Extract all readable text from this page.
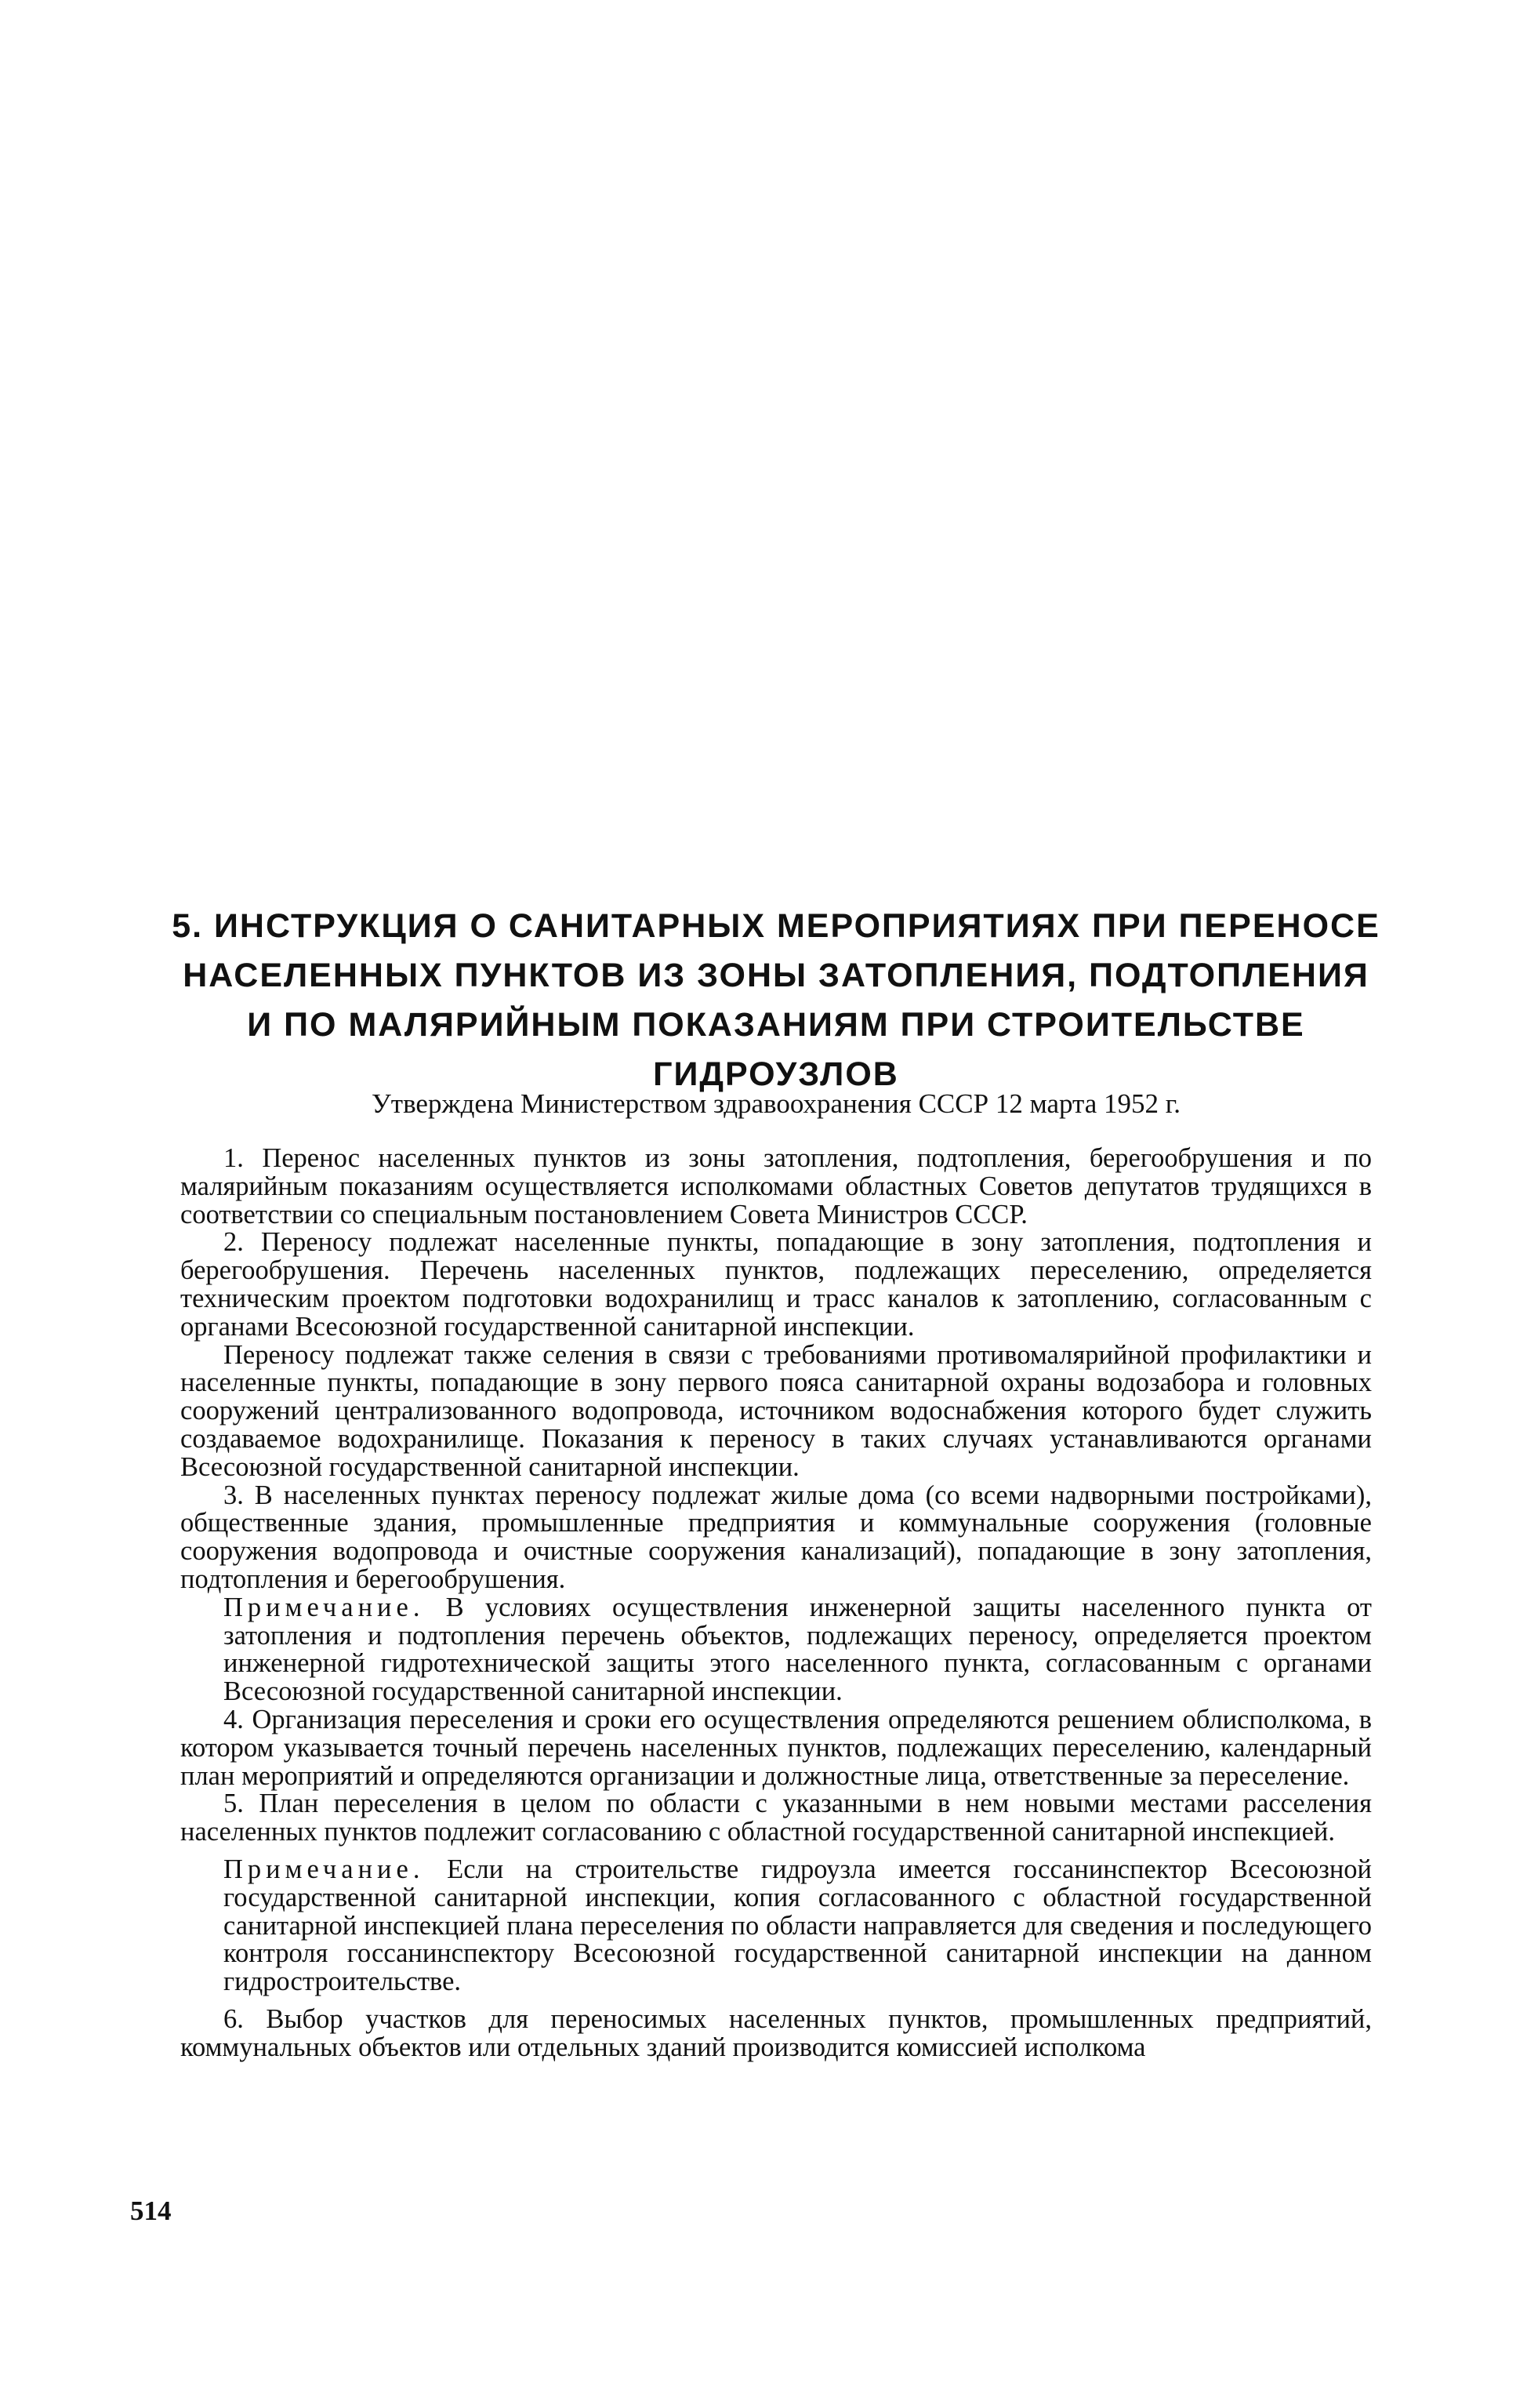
5. ИНСТРУКЦИЯ О САНИТАРНЫХ МЕРОПРИЯТИЯХ ПРИ ПЕРЕНОСЕ
НАСЕЛЕННЫХ ПУНКТОВ ИЗ ЗОНЫ ЗАТОПЛЕНИЯ, ПОДТОПЛЕНИЯ
И ПО МАЛЯРИЙНЫМ ПОКАЗАНИЯМ ПРИ СТРОИТЕЛЬСТВЕ
ГИДРОУЗЛОВ

Утверждена Министерством здравоохранения СССР 12 марта 1952 г.

1. Перенос населенных пунктов из зоны затопления, подтопления, берегообрушения и по малярийным показаниям осуществляется исполкомами областных Советов депутатов трудящихся в соответствии со специальным постановлением Совета Министров СССР.

2. Переносу подлежат населенные пункты, попадающие в зону затопления, подтопления и берегообрушения. Перечень населенных пунктов, подлежащих переселению, определяется техническим проектом подготовки водохранилищ и трасс каналов к затоплению, согласованным с органами Всесоюзной государственной санитарной инспекции.

Переносу подлежат также селения в связи с требованиями противомалярийной профилактики и населенные пункты, попадающие в зону первого пояса санитарной охраны водозабора и головных сооружений централизованного водопровода, источником водоснабжения которого будет служить создаваемое водохранилище. Показания к переносу в таких случаях устанавливаются органами Всесоюзной государственной санитарной инспекции.

3. В населенных пунктах переносу подлежат жилые дома (со всеми надворными постройками), общественные здания, промышленные предприятия и коммунальные сооружения (головные сооружения водопровода и очистные сооружения канализаций), попадающие в зону затопления, подтопления и берегообрушения.

Примечание. В условиях осуществления инженерной защиты населенного пункта от затопления и подтопления перечень объектов, подлежащих переносу, определяется проектом инженерной гидротехнической защиты этого населенного пункта, согласованным с органами Всесоюзной государственной санитарной инспекции.

4. Организация переселения и сроки его осуществления определяются решением облисполкома, в котором указывается точный перечень населенных пунктов, подлежащих переселению, календарный план мероприятий и определяются организации и должностные лица, ответственные за переселение.

5. План переселения в целом по области с указанными в нем новыми местами расселения населенных пунктов подлежит согласованию с областной государственной санитарной инспекцией.

Примечание. Если на строительстве гидроузла имеется госсанинспектор Всесоюзной государственной санитарной инспекции, копия согласованного с областной государственной санитарной инспекцией плана переселения по области направляется для сведения и последующего контроля госсанинспектору Всесоюзной государственной санитарной инспекции на данном гидростроительстве.

6. Выбор участков для переносимых населенных пунктов, промышленных предприятий, коммунальных объектов или отдельных зданий производится комиссией исполкома

514
